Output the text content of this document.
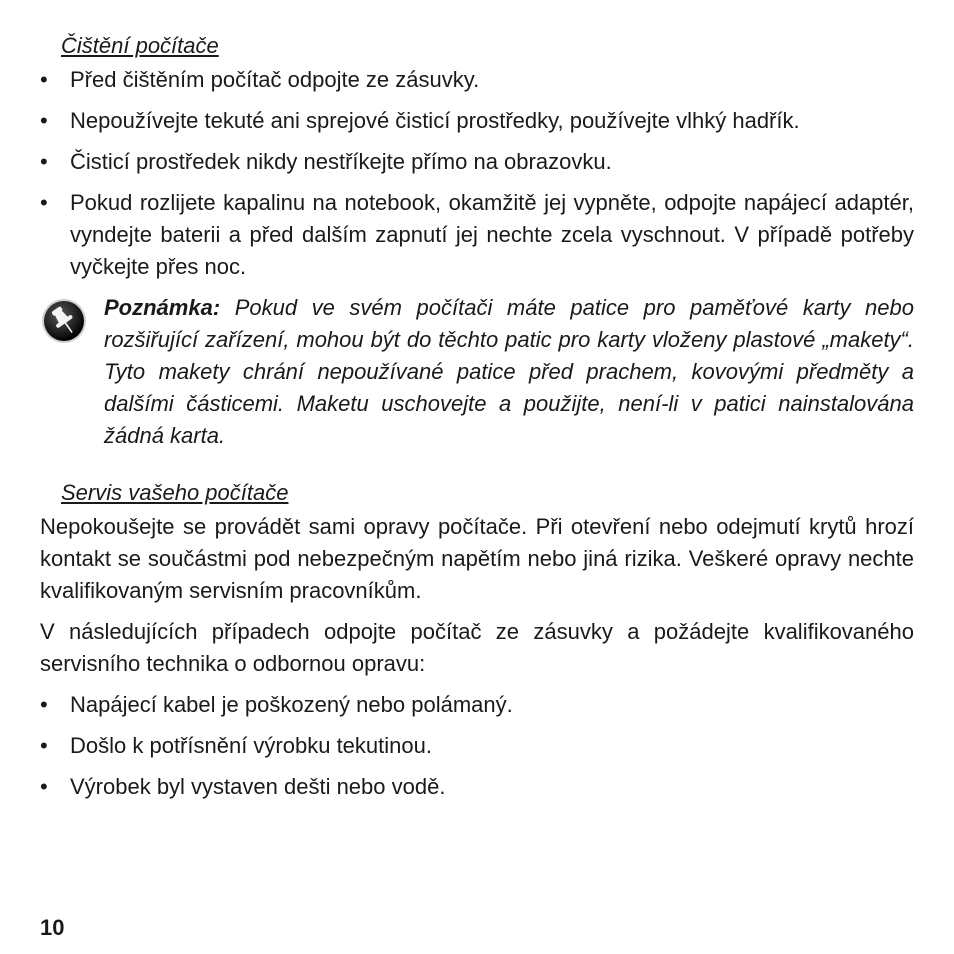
Čištění počítače
• Před čištěním počítač odpojte ze zásuvky.
• Nepoužívejte tekuté ani sprejové čisticí prostředky, používejte vlhký hadřík.
• Čisticí prostředek nikdy nestříkejte přímo na obrazovku.
• Pokud rozlijete kapalinu na notebook, okamžitě jej vypněte, odpojte napájecí adaptér, vyndejte baterii a před dalším zapnutí jej nechte zcela vyschnout. V případě potřeby vyčkejte přes noc.
Poznámka: Pokud ve svém počítači máte patice pro paměťové karty nebo rozšiřující zařízení, mohou být do těchto patic pro karty vloženy plastové „makety“. Tyto makety chrání nepoužívané patice před prachem, kovovými předměty a dalšími částicemi. Maketu uschovejte a použijte, není-li v patici nainstalována žádná karta.
Servis vašeho počítače

Nepokoušejte se provádět sami opravy počítače. Při otevření nebo odejmutí krytů hrozí kontakt se součástmi pod nebezpečným napětím nebo jiná rizika. Veškeré opravy nechte kvalifikovaným servisním pracovníkům.

V následujících případech odpojte počítač ze zásuvky a požádejte kvalifikovaného servisního technika o odbornou opravu:

• Napájecí kabel je poškozený nebo polámaný.
• Došlo k potřísnění výrobku tekutinou.
• Výrobek byl vystaven dešti nebo vodě.
10
